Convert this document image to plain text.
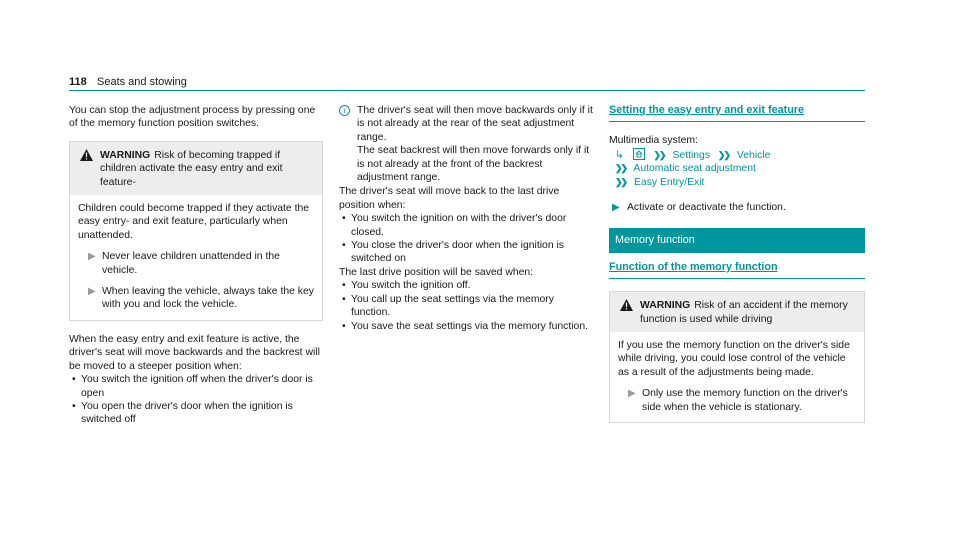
118 Seats and stowing

You can stop the adjustment process by pressing one of the memory function position switches.

WARNING Risk of becoming trapped if children activate the easy entry and exit feature-

Children could become trapped if they activate the easy entry- and exit feature, particularly when unattended.

▶ Never leave children unattended in the vehicle.
▶ When leaving the vehicle, always take the key with you and lock the vehicle.

When the easy entry and exit feature is active, the driver's seat will move backwards and the backrest will be moved to a steeper position when:

• You switch the ignition off when the driver's door is open
• You open the driver's door when the ignition is switched off
i	The driver's seat will then move backwards only if it is not already at the rear of the seat adjustment range.
The seat backrest will then move forwards only if it is not already at the front of the backrest adjustment range.

The driver's seat will move back to the last drive position when:

• You switch the ignition on with the driver's door closed.
• You close the driver's door when the ignition is switched on

The last drive position will be saved when:

• You switch the ignition off.
• You call up the seat settings via the memory function.
• You save the seat settings via the memory function.
Setting the easy entry and exit feature

Multimedia system:

↳	❯❯ Settings ❯❯ Vehicle
❯❯ Automatic seat adjustment
❯❯ Easy Entry/Exit
▶ Activate or deactivate the function.
Memory function
Function of the memory function
WARNING Risk of an accident if the memory function is used while driving

If you use the memory function on the driver's side while driving, you could lose control of the vehicle as a result of the adjustments being made.

▶ Only use the memory function on the driver's side when the vehicle is stationary.
